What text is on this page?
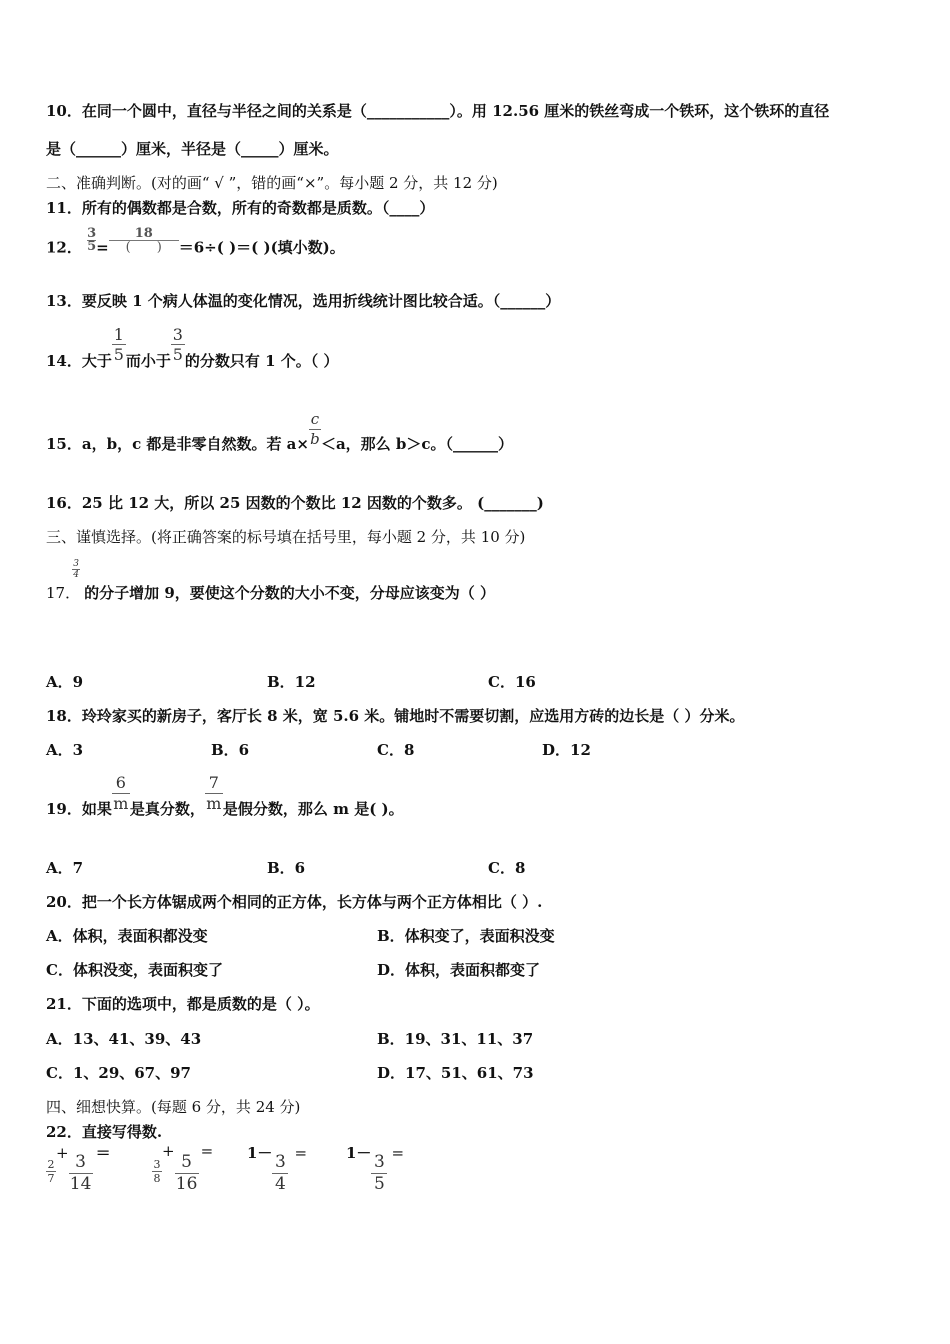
10．在同一个圆中，直径与半径之间的关系是（___________）。用 12.56 厘米的铁丝弯成一个铁环，这个铁环的直径
是（______）厘米，半径是（_____）厘米。
二、准确判断。(对的画“ √ ”，错的画“×”。每小题 2 分，共 12 分)
11．所有的偶数都是合数，所有的奇数都是质数。（____）
12． $\frac{3}{5} = \frac{18}{( )} =6\div$( )＝( )(填小数)。
13．要反映 1 个病人体温的变化情况，选用折线统计图比较合适。（______）
14．大于 $\frac{1}{5}$ 而小于 $\frac{3}{5}$ 的分数只有 1 个。（ ）
15．a，b，c 都是非零自然数。若 $a\times \frac{c}{b} <a$，那么 b＞c。（______）
16．25 比 12 大，所以 25 因数的个数比 12 因数的个数多。 (_______)
三、谨慎选择。(将正确答案的标号填在括号里，每小题 2 分，共 10 分)
17．
$\frac{3}{4}$
的分子增加 9，要使这个分数的大小不变，分母应该变为（ ）
A．9	B．12	C．16
18．玲玲家买的新房子，客厅长 8 米，宽 5.6 米。铺地时不需要切割，应选用方砖的边长是（ ）分米。
A．3	B．6	C．8	D．12
19．如果 $\frac{6}{m}$ 是真分数， $\frac{7}{m}$ 是假分数，那么 m 是( )。
A．7	B．6	C．8
20．把一个长方体锯成两个相同的正方体，长方体与两个正方体相比（ ）.
A．体积，表面积都没变	B．体积变了，表面积没变
C．体积没变，表面积变了	D．体积，表面积都变了
21．下面的选项中，都是质数的是（ ）。
A．13、41、39、43	B．19、31、11、37
C．1、29、67、97	D．17、51、61、73
四、细想快算。(每题 6 分，共 24 分)
22．直接写得数.
$\frac{2}{7}$
+ $\frac{3}{14}$ ＝
$\frac{3}{8}$
+
$\frac{5}{16}$
= $1- \frac{3}{4}$ =	$1- \frac{3}{5}$ =
